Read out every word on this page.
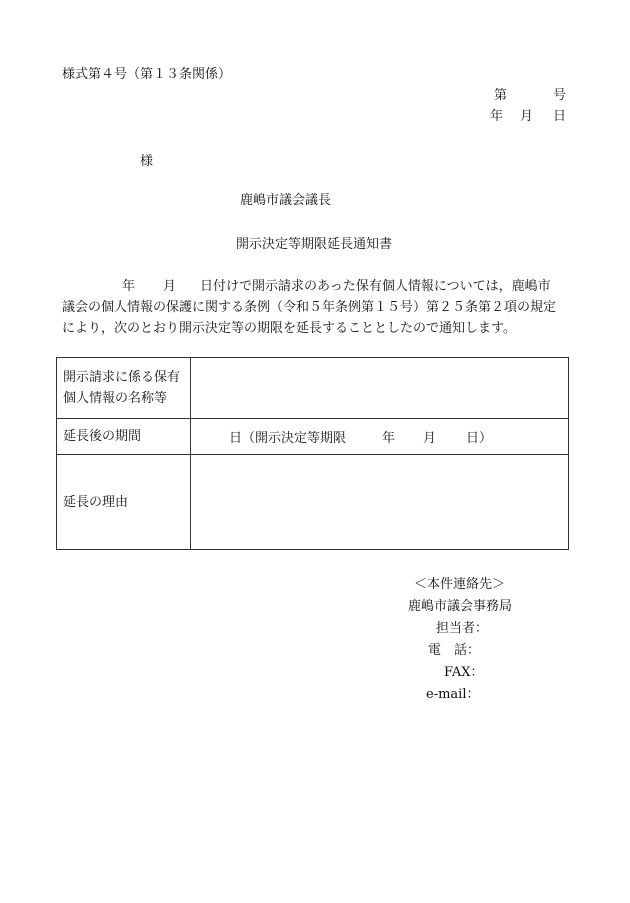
様式第４号（第１３条関係）
第	号
年 月 日
様
鹿嶋市議会議長
開示決定等期限延長通知書

年 月 日付けで開示請求のあった保有個人情報については，鹿嶋市

議会の個人情報の保護に関する条例（令和５年条例第１５号）第２５条第２項の規定

により，次のとおり開示決定等の期限を延長することとしたので通知します。

開示請求に係る保有
個人情報の名称等	

延長後の期間	日（開示決定等期限 年 月 日）
延長の理由	
＜本件連絡先＞
鹿嶋市議会事務局
担当者：
電　話：
FAX：
e-mail：
